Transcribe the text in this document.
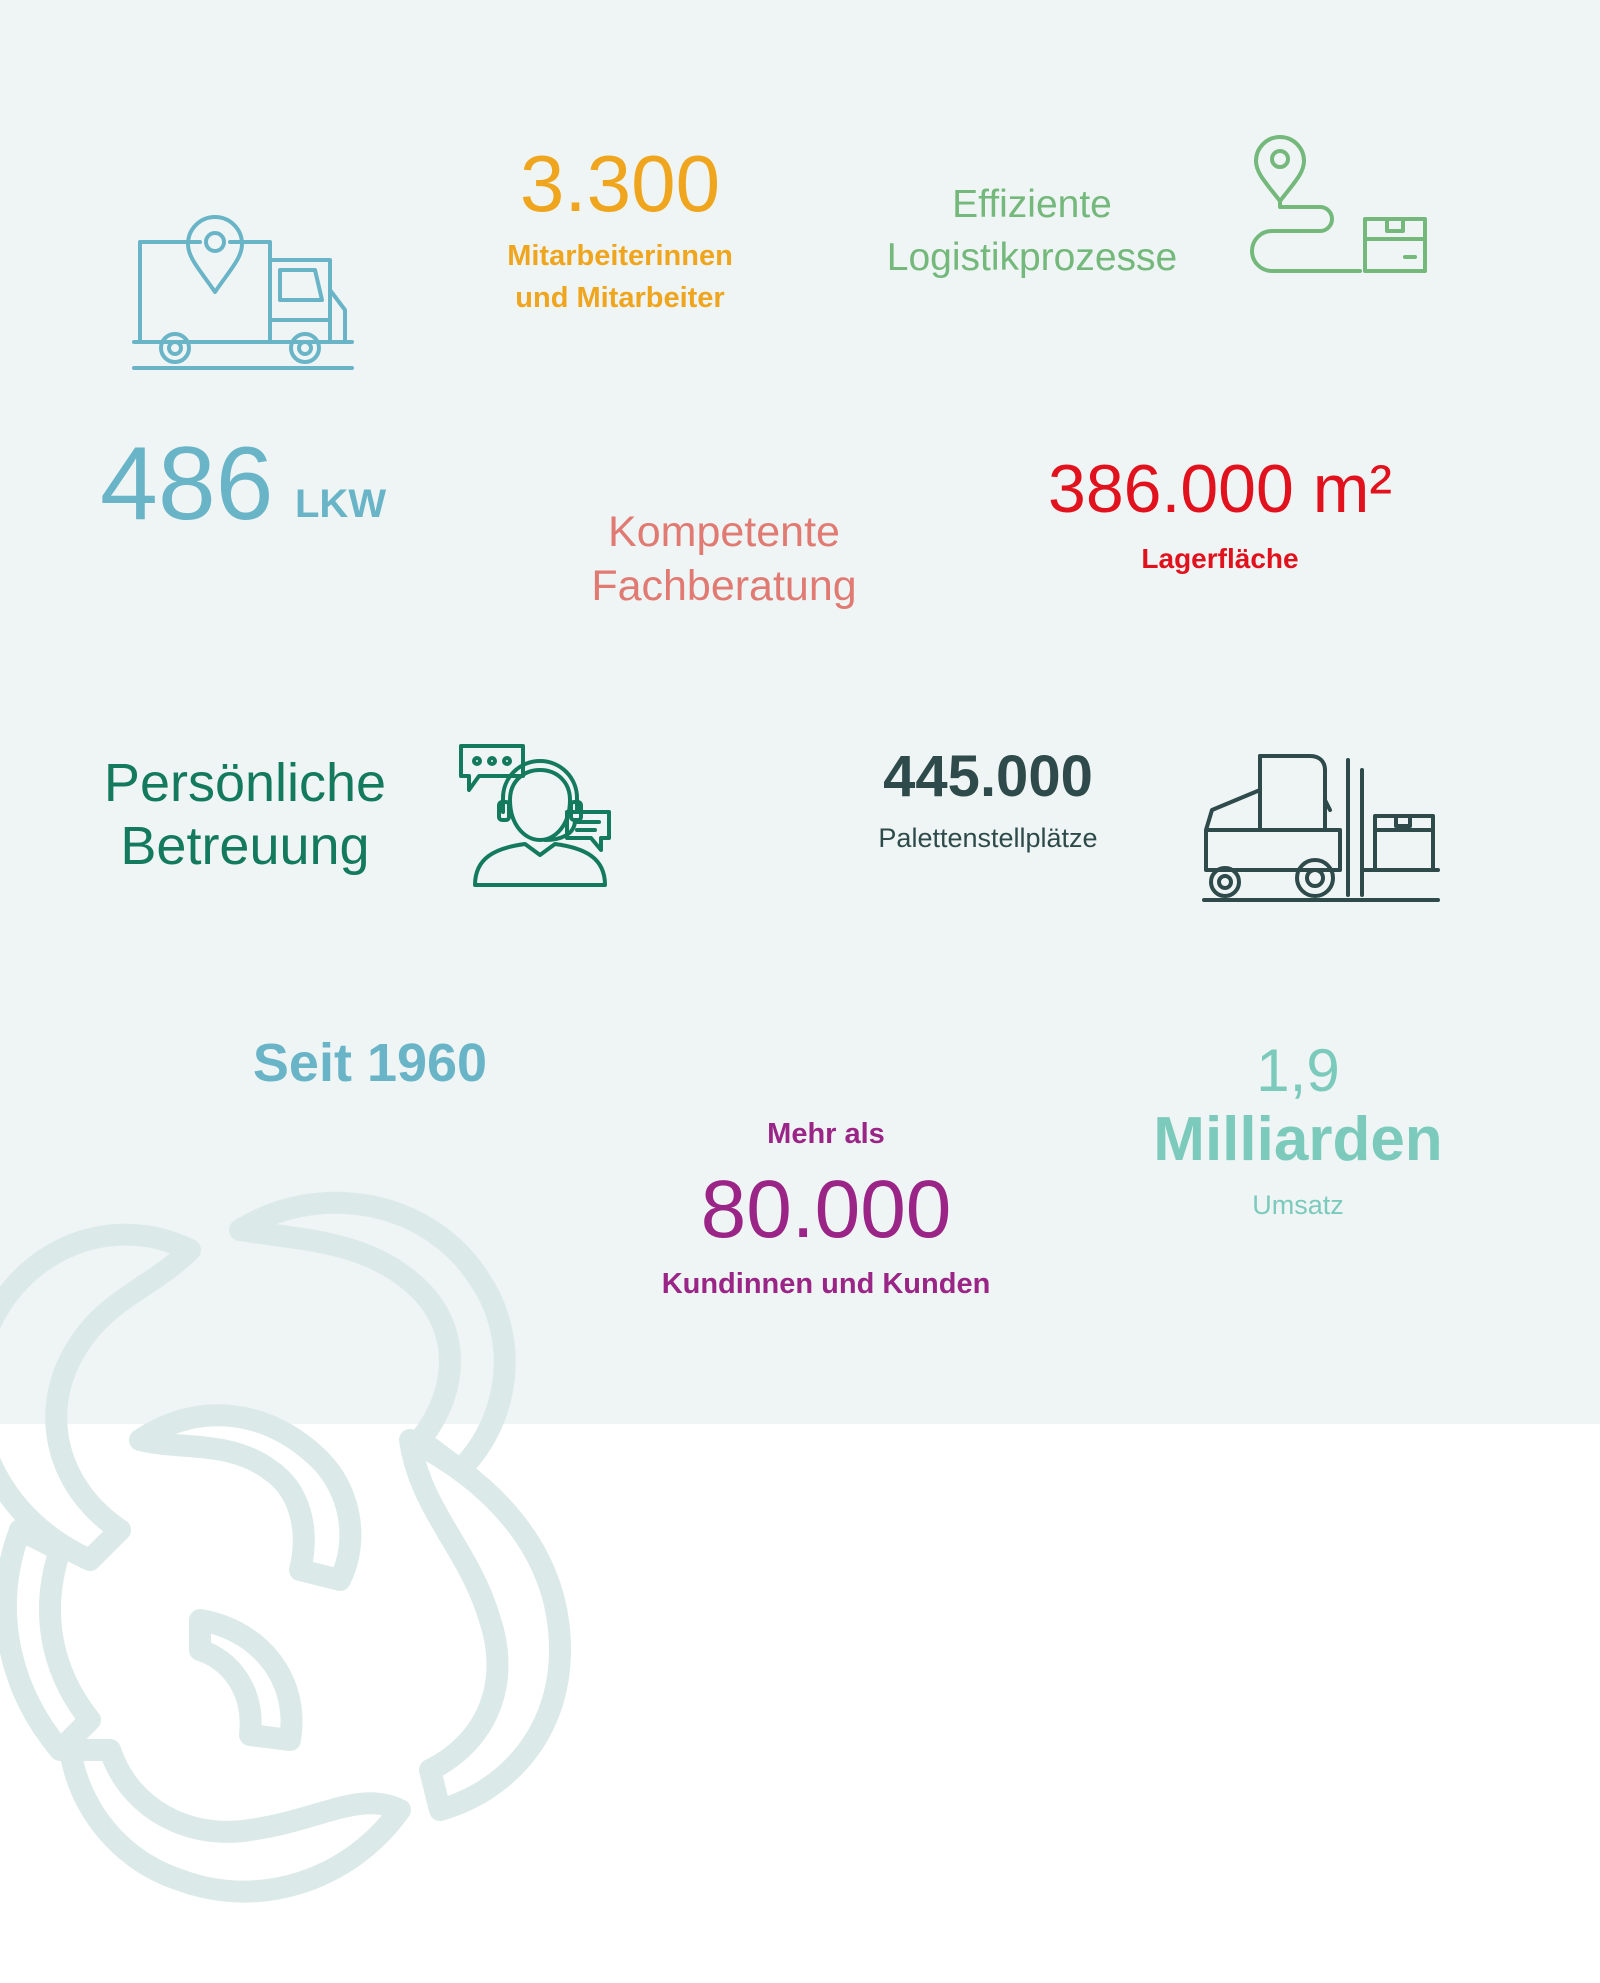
3.300
Mitarbeiterinnen
und Mitarbeiter
Effiziente
Logistikprozesse
486 LKW
Kompetente
Fachberatung
386.000 m²
Lagerfläche
Persönliche
Betreuung
445.000
Palettenstellplätze
Seit 1960
Mehr als
80.000
Kundinnen und Kunden
1,9
Milliarden
Umsatz
